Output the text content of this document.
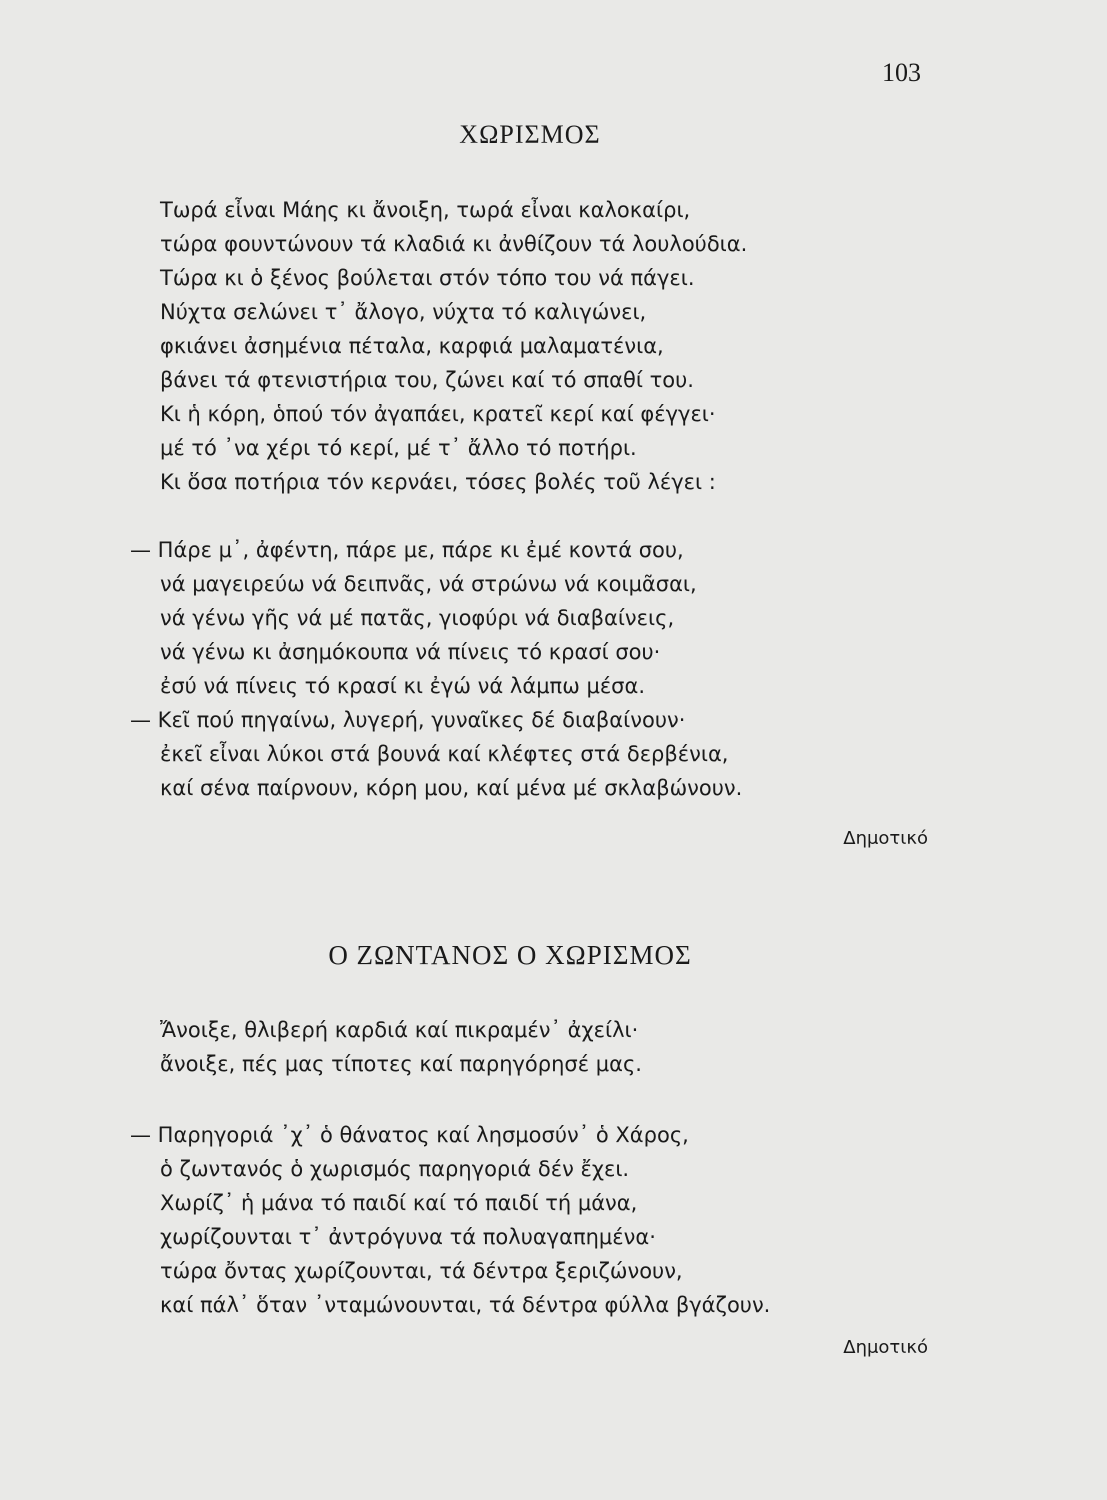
103
ΧΩΡΙΣΜΟΣ
Τωρά εἶναι Μάης κι ἄνοιξη, τωρά εἶναι καλοκαίρι,
τώρα φουντώνουν τά κλαδιά κι ἀνθίζουν τά λουλούδια.
Τώρα κι ὁ ξένος βούλεται στόν τόπο του νά πάγει.
Νύχτα σελώνει τ᾽ ἄλογο, νύχτα τό καλιγώνει,
φκιάνει ἀσημένια πέταλα, καρφιά μαλαματένια,
βάνει τά φτενιστήρια του, ζώνει καί τό σπαθί του.
Κι ἡ κόρη, ὁπού τόν ἀγαπάει, κρατεῖ κερί καί φέγγει·
μέ τό ᾽να χέρι τό κερί, μέ τ᾽ ἄλλο τό ποτήρι.
Κι ὅσα ποτήρια τόν κερνάει, τόσες βολές τοῦ λέγει :
— Πάρε μ᾽, ἀφέντη, πάρε με, πάρε κι ἐμέ κοντά σου,
νά μαγειρεύω νά δειπνᾶς, νά στρώνω νά κοιμᾶσαι,
νά γένω γῆς νά μέ πατᾶς, γιοφύρι νά διαβαίνεις,
νά γένω κι ἀσημόκουπα νά πίνεις τό κρασί σου·
ἐσύ νά πίνεις τό κρασί κι ἐγώ νά λάμπω μέσα.
— Κεῖ πού πηγαίνω, λυγερή, γυναῖκες δέ διαβαίνουν·
ἐκεῖ εἶναι λύκοι στά βουνά καί κλέφτες στά δερβένια,
καί σένα παίρνουν, κόρη μου, καί μένα μέ σκλαβώνουν.
Δημοτικό
Ο ΖΩΝΤΑΝΟΣ Ο ΧΩΡΙΣΜΟΣ
Ἄνοιξε, θλιβερή καρδιά καί πικραμέν᾽ ἀχείλι·
ἄνοιξε, πές μας τίποτες καί παρηγόρησέ μας.
— Παρηγοριά ᾽χ᾽ ὁ θάνατος καί λησμοσύν᾽ ὁ Χάρος,
ὁ ζωντανός ὁ χωρισμός παρηγοριά δέν ἔχει.
Χωρίζ᾽ ἡ μάνα τό παιδί καί τό παιδί τή μάνα,
χωρίζουνται τ᾽ ἀντρόγυνα τά πολυαγαπημένα·
τώρα ὄντας χωρίζουνται, τά δέντρα ξεριζώνουν,
καί πάλ᾽ ὅταν ᾽νταμώνουνται, τά δέντρα φύλλα βγάζουν.
Δημοτικό
